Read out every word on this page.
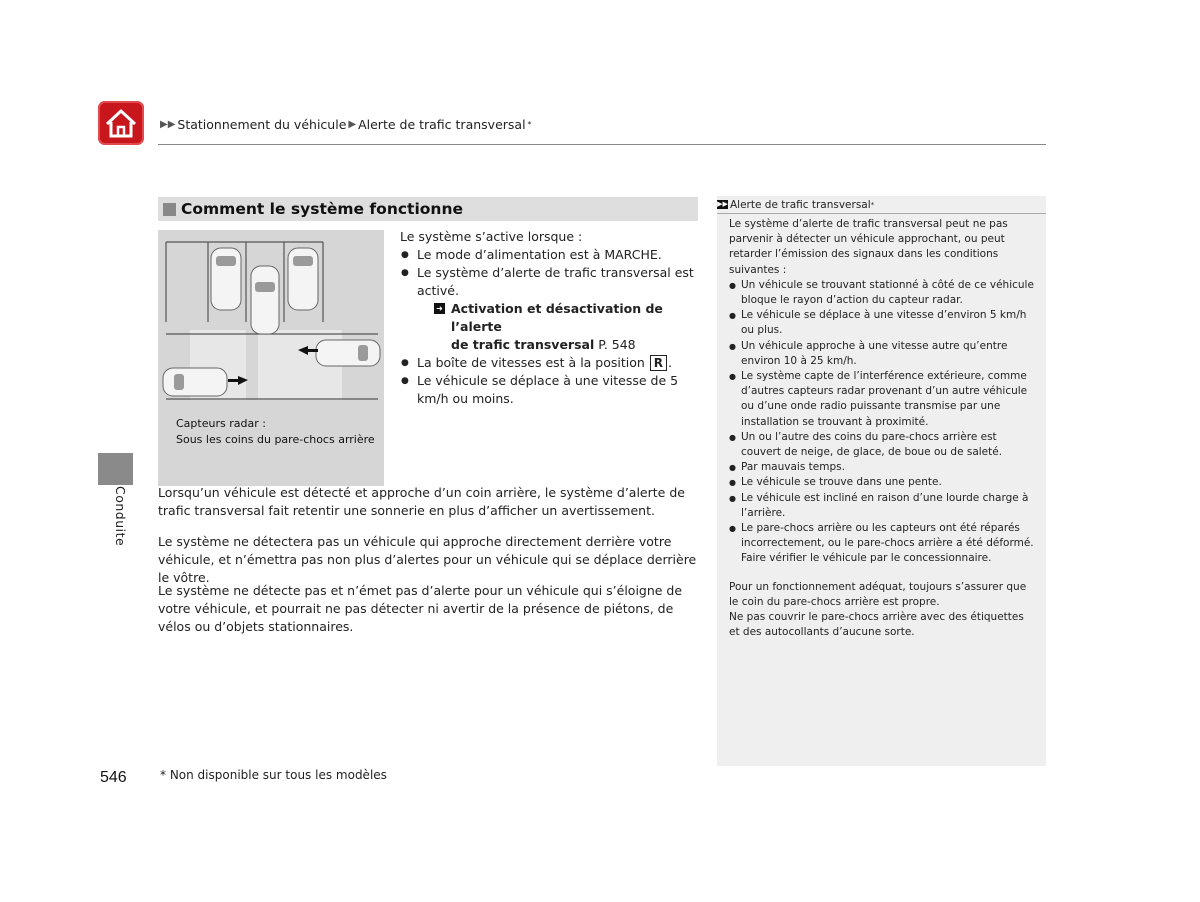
▶▶ Stationnement du véhicule ▶ Alerte de trafic transversal *
Comment le système fonctionne
Capteurs radar :
Sous les coins du pare-chocs arrière
Le système s’active lorsque :
● Le mode d’alimentation est à MARCHE.
● Le système d’alerte de trafic transversal est activé.
➜ Activation et désactivation de l’alerte
de trafic transversal P. 548
● La boîte de vitesses est à la position R .
● Le véhicule se déplace à une vitesse de 5 km/h ou moins.
Lorsqu’un véhicule est détecté et approche d’un coin arrière, le système d’alerte de trafic transversal fait retentir une sonnerie en plus d’afficher un avertissement.
Le système ne détectera pas un véhicule qui approche directement derrière votre véhicule, et n’émettra pas non plus d’alertes pour un véhicule qui se déplace derrière le vôtre.
Le système ne détecte pas et n’émet pas d’alerte pour un véhicule qui s’éloigne de votre véhicule, et pourrait ne pas détecter ni avertir de la présence de piétons, de vélos ou d’objets stationnaires.
Conduite
▶▶ Alerte de trafic transversal *
Le système d’alerte de trafic transversal peut ne pas parvenir à détecter un véhicule approchant, ou peut retarder l’émission des signaux dans les conditions suivantes :
● Un véhicule se trouvant stationné à côté de ce véhicule bloque le rayon d’action du capteur radar.
● Le véhicule se déplace à une vitesse d’environ 5 km/h ou plus.
● Un véhicule approche à une vitesse autre qu’entre environ 10 à 25 km/h.
● Le système capte de l’interférence extérieure, comme d’autres capteurs radar provenant d’un autre véhicule ou d’une onde radio puissante transmise par une installation se trouvant à proximité.
● Un ou l’autre des coins du pare-chocs arrière est couvert de neige, de glace, de boue ou de saleté.
● Par mauvais temps.
● Le véhicule se trouve dans une pente.
● Le véhicule est incliné en raison d’une lourde charge à l’arrière.
● Le pare-chocs arrière ou les capteurs ont été réparés incorrectement, ou le pare-chocs arrière a été déformé. Faire vérifier le véhicule par le concessionnaire.
Pour un fonctionnement adéquat, toujours s’assurer que le coin du pare-chocs arrière est propre.
Ne pas couvrir le pare-chocs arrière avec des étiquettes et des autocollants d’aucune sorte.
546	* Non disponible sur tous les modèles
